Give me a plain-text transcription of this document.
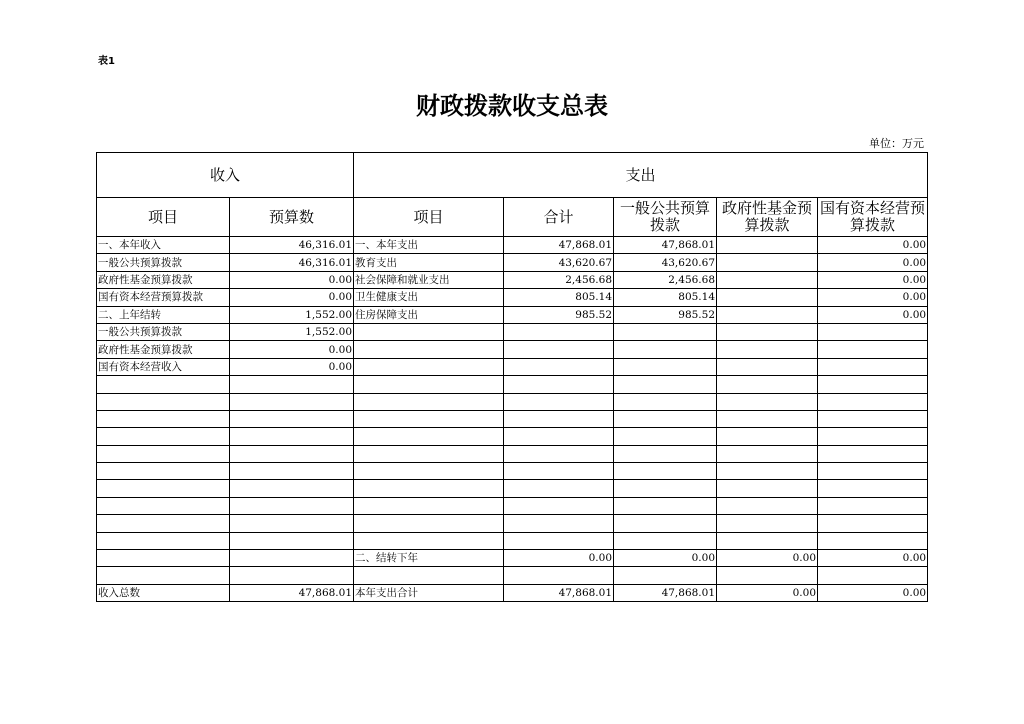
表1
财政拨款收支总表
单位：万元
收入		支出				
项目	预算数	项目	合计	一般公共预算拨款	政府性基金预算拨款	国有资本经营预算拨款
一、本年收入	46,316.01	一、本年支出	47,868.01	47,868.01		0.00
一般公共预算拨款	46,316.01	教育支出	43,620.67	43,620.67		0.00
政府性基金预算拨款	0.00	社会保障和就业支出	2,456.68	2,456.68		0.00
国有资本经营预算拨款	0.00	卫生健康支出	805.14	805.14		0.00
二、上年结转	1,552.00	住房保障支出	985.52	985.52		0.00
一般公共预算拨款	1,552.00					
政府性基金预算拨款	0.00					
国有资本经营收入	0.00					

		二、结转下年	0.00	0.00	0.00	0.00

收入总数	47,868.01	本年支出合计	47,868.01	47,868.01	0.00	0.00
